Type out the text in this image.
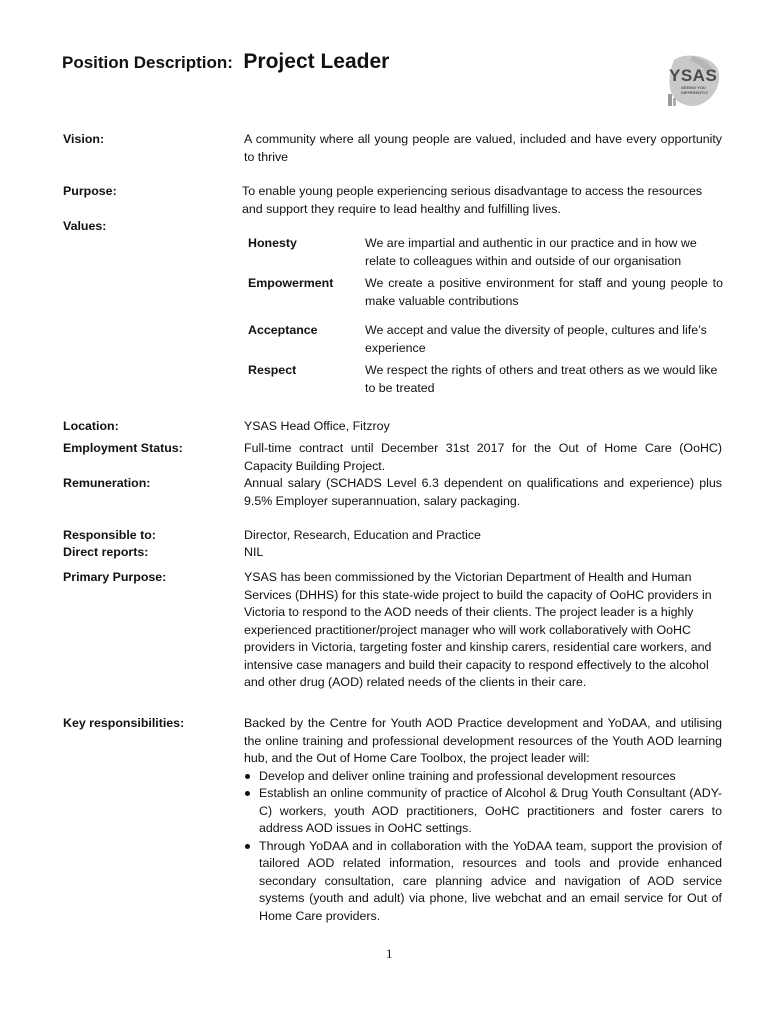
Position Description: Project Leader
YSAS
SEEING YOU DIFFERENTLY
Vision:	A community where all young people are valued, included and have every opportunity to thrive
Purpose:	To enable young people experiencing serious disadvantage to access the resources and support they require to lead healthy and fulfilling lives.
Values:
Honesty	We are impartial and authentic in our practice and in how we relate to colleagues within and outside of our organisation
Empowerment	We create a positive environment for staff and young people to make valuable contributions
Acceptance	We accept and value the diversity of people, cultures and life’s experience
Respect	We respect the rights of others and treat others as we would like to be treated
Location:	YSAS Head Office, Fitzroy
Employment Status:	Full-time contract until December 31st 2017 for the Out of Home Care (OoHC) Capacity Building Project.
Remuneration:	Annual salary (SCHADS Level 6.3 dependent on qualifications and experience) plus 9.5% Employer superannuation, salary packaging.
Responsible to:	Director, Research, Education and Practice
Direct reports:	NIL
Primary Purpose:	YSAS has been commissioned by the Victorian Department of Health and Human Services (DHHS) for this state-wide project to build the capacity of OoHC providers in Victoria to respond to the AOD needs of their clients. The project leader is a highly experienced practitioner/project manager who will work collaboratively with OoHC providers in Victoria, targeting foster and kinship carers, residential care workers, and intensive case managers and build their capacity to respond effectively to the alcohol and other drug (AOD) related needs of the clients in their care.
Key responsibilities:	Backed by the Centre for Youth AOD Practice development and YoDAA, and utilising the online training and professional development resources of the Youth AOD learning hub, and the Out of Home Care Toolbox, the project leader will:
Develop and deliver online training and professional development resources
Establish an online community of practice of Alcohol & Drug Youth Consultant (ADY-C) workers, youth AOD practitioners, OoHC practitioners and foster carers to address AOD issues in OoHC settings.
Through YoDAA and in collaboration with the YoDAA team, support the provision of tailored AOD related information, resources and tools and provide enhanced secondary consultation, care planning advice and navigation of AOD service systems (youth and adult) via phone, live webchat and an email service for Out of Home Care providers.
1
